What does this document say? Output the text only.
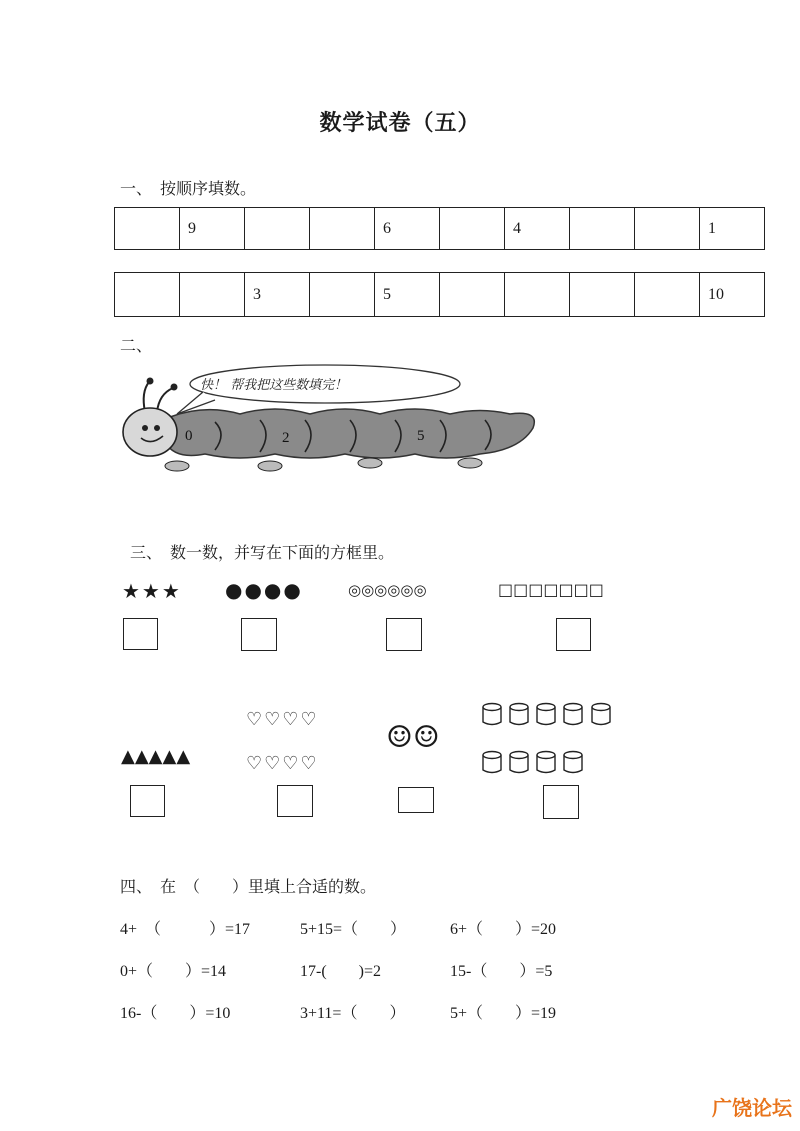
数学试卷（五）
一、　按顺序填数。
	9			6		4			1
		3		5					10
二、
0	2	5
快！ 帮我把这些数填完！
三、　数一数，并写在下面的方框里。
★★★ ●●●●	◎◎◎◎◎◎	□□□□□□□
▲▲▲▲▲
♡♡♡♡
♡♡♡♡
☺☺
四、　在　（　　）里填上合适的数。
4+　（　　　）=17	5+15=（　　）	6+（　　）=20
0+（　　）=14	17-(　　)=2	15-（　　）=5
16-（　　）=10	3+11=（　　）	5+（　　）=19
广饶论坛
